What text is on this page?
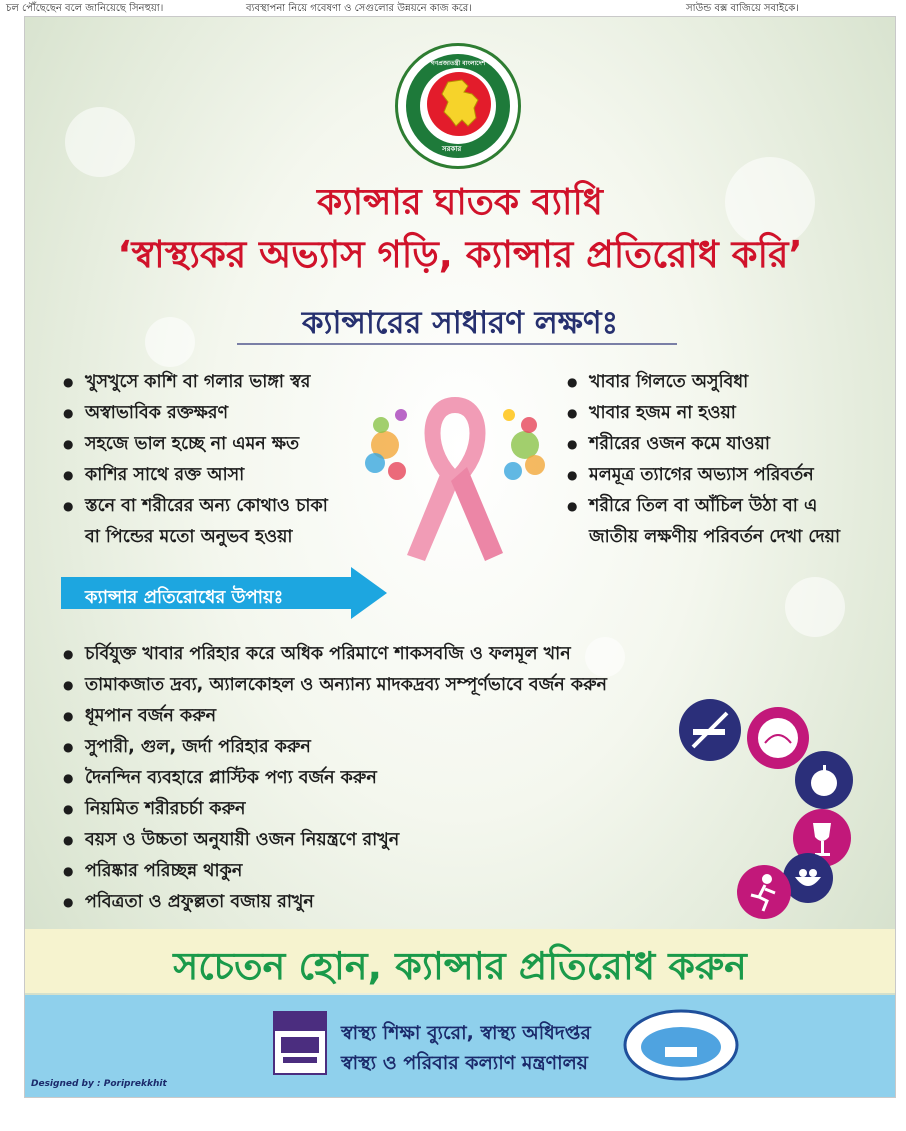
চল পৌঁছেছেন বলে জানিয়েছে সিনহুয়া।	ব্যবস্থাপনা নিয়ে গবেষণা ও সেগুলোর উন্নয়নে কাজ করে।	সাউন্ড বক্স বাজিয়ে সবাইকে।
গণপ্রজাতন্ত্রী বাংলাদেশ
সরকার
ক্যান্সার ঘাতক ব্যাধি
‘স্বাস্থ্যকর অভ্যাস গড়ি, ক্যান্সার প্রতিরোধ করি’
ক্যান্সারের সাধারণ লক্ষণঃ
● খুসখুসে কাশি বা গলার ভাঙ্গা স্বর
● অস্বাভাবিক রক্তক্ষরণ
● সহজে ভাল হচ্ছে না এমন ক্ষত
● কাশির সাথে রক্ত আসা
● স্তনে বা শরীরের অন্য কোথাও চাকা
বা পিন্ডের মতো অনুভব হওয়া
● খাবার গিলতে অসুবিধা
● খাবার হজম না হওয়া
● শরীরের ওজন কমে যাওয়া
● মলমূত্র ত্যাগের অভ্যাস পরিবর্তন
● শরীরে তিল বা আঁচিল উঠা বা এ
জাতীয় লক্ষণীয় পরিবর্তন দেখা দেয়া
ক্যান্সার প্রতিরোধের উপায়ঃ
● চর্বিযুক্ত খাবার পরিহার করে অধিক পরিমাণে শাকসবজি ও ফলমূল খান
● তামাকজাত দ্রব্য, অ্যালকোহল ও অন্যান্য মাদকদ্রব্য সম্পূর্ণভাবে বর্জন করুন
● ধূমপান বর্জন করুন
● সুপারী, গুল, জর্দা পরিহার করুন
● দৈনন্দিন ব্যবহারে প্লাস্টিক পণ্য বর্জন করুন
● নিয়মিত শরীরচর্চা করুন
● বয়স ও উচ্চতা অনুযায়ী ওজন নিয়ন্ত্রণে রাখুন
● পরিষ্কার পরিচ্ছন্ন থাকুন
● পবিত্রতা ও প্রফুল্লতা বজায় রাখুন
সচেতন হোন, ক্যান্সার প্রতিরোধ করুন
স্বাস্থ্য শিক্ষা ব্যুরো, স্বাস্থ্য অধিদপ্তর
স্বাস্থ্য ও পরিবার কল্যাণ মন্ত্রণালয়
Designed by : Poriprekkhit
